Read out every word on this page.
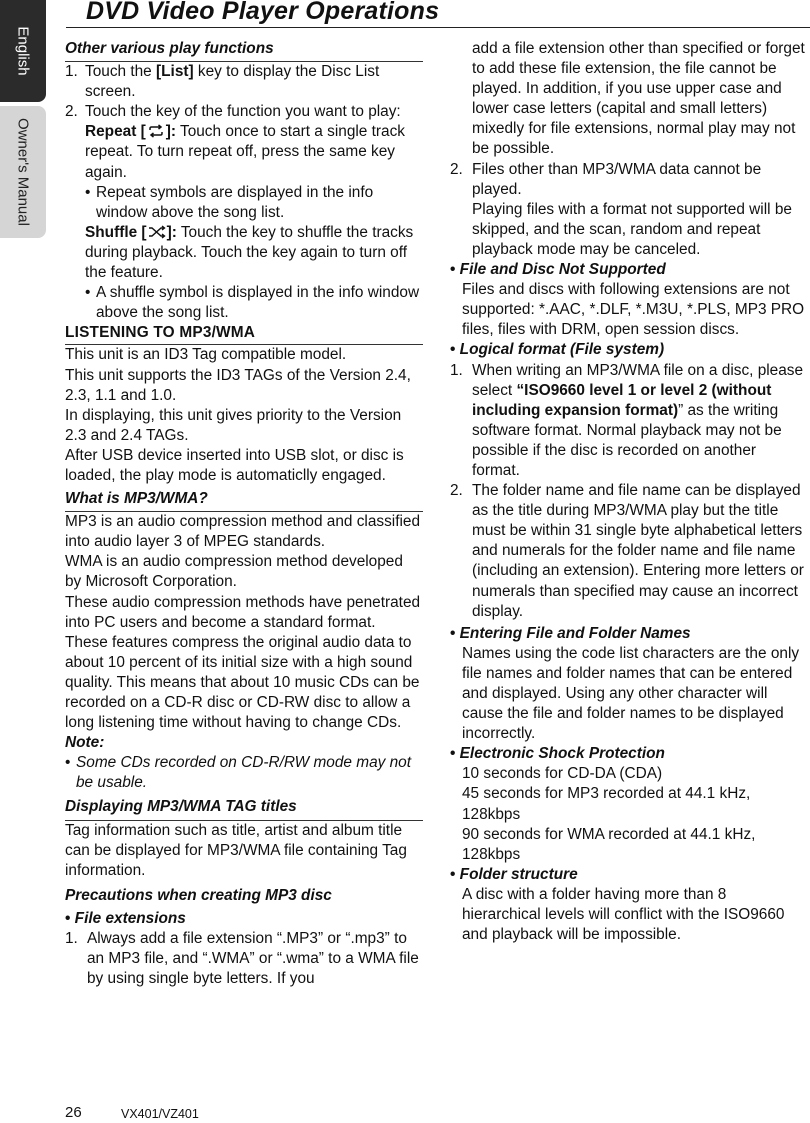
English
Owner's Manual
DVD Video Player Operations

Other various play functions

1. Touch the [List] key to display the Disc List screen.
2. Touch the key of the function you want to play:

Repeat [ ]: Touch once to start a single track repeat. To turn repeat off, press the same key again.

• Repeat symbols are displayed in the info window above the song list.

Shuffle [ ]: Touch the key to shuffle the tracks during playback. Touch the key again to turn off the feature.

• A shuffle symbol is displayed in the info window above the song list.

LISTENING TO MP3/WMA

This unit is an ID3 Tag compatible model.

This unit supports the ID3 TAGs of the Version 2.4, 2.3, 1.1 and 1.0.

In displaying, this unit gives priority to the Version 2.3 and 2.4 TAGs.

After USB device inserted into USB slot, or disc is loaded, the play mode is automaticlly engaged.

What is MP3/WMA?

MP3 is an audio compression method and classified into audio layer 3 of MPEG standards.

WMA is an audio compression method developed by Microsoft Corporation.

These audio compression methods have penetrated into PC users and become a standard format.

These features compress the original audio data to about 10 percent of its initial size with a high sound quality. This means that about 10 music CDs can be recorded on a CD-R disc or CD-RW disc to allow a long listening time without having to change CDs.

Note:

• Some CDs recorded on CD-R/RW mode may not be usable.

Displaying MP3/WMA TAG titles

Tag information such as title, artist and album title can be displayed for MP3/WMA file containing Tag information.

Precautions when creating MP3 disc

• File extensions

1. Always add a file extension “.MP3” or “.mp3” to an MP3 file, and “.WMA” or “.wma” to a WMA file by using single byte letters. If you

add a file extension other than specified or forget to add these file extension, the file cannot be played. In addition, if you use upper case and lower case letters (capital and small letters) mixedly for file extensions, normal play may not be possible.

2. Files other than MP3/WMA data cannot be played.
Playing files with a format not supported will be skipped, and the scan, random and repeat playback mode may be canceled.

• File and Disc Not Supported

Files and discs with following extensions are not supported: *.AAC, *.DLF, *.M3U, *.PLS, MP3 PRO files, files with DRM, open session discs.

• Logical format (File system)

1. When writing an MP3/WMA file on a disc, please select “ISO9660 level 1 or level 2 (without including expansion format)” as the writing software format. Normal playback may not be possible if the disc is recorded on another format.
2. The folder name and file name can be displayed as the title during MP3/WMA play but the title must be within 31 single byte alphabetical letters and numerals for the folder name and file name (including an extension). Entering more letters or numerals than specified may cause an incorrect display.

• Entering File and Folder Names

Names using the code list characters are the only file names and folder names that can be entered and displayed. Using any other character will cause the file and folder names to be displayed incorrectly.

• Electronic Shock Protection

10 seconds for CD-DA (CDA)

45 seconds for MP3 recorded at 44.1 kHz, 128kbps

90 seconds for WMA recorded at 44.1 kHz, 128kbps

• Folder structure

A disc with a folder having more than 8 hierarchical levels will conflict with the ISO9660 and playback will be impossible.

26	VX401/VZ401
